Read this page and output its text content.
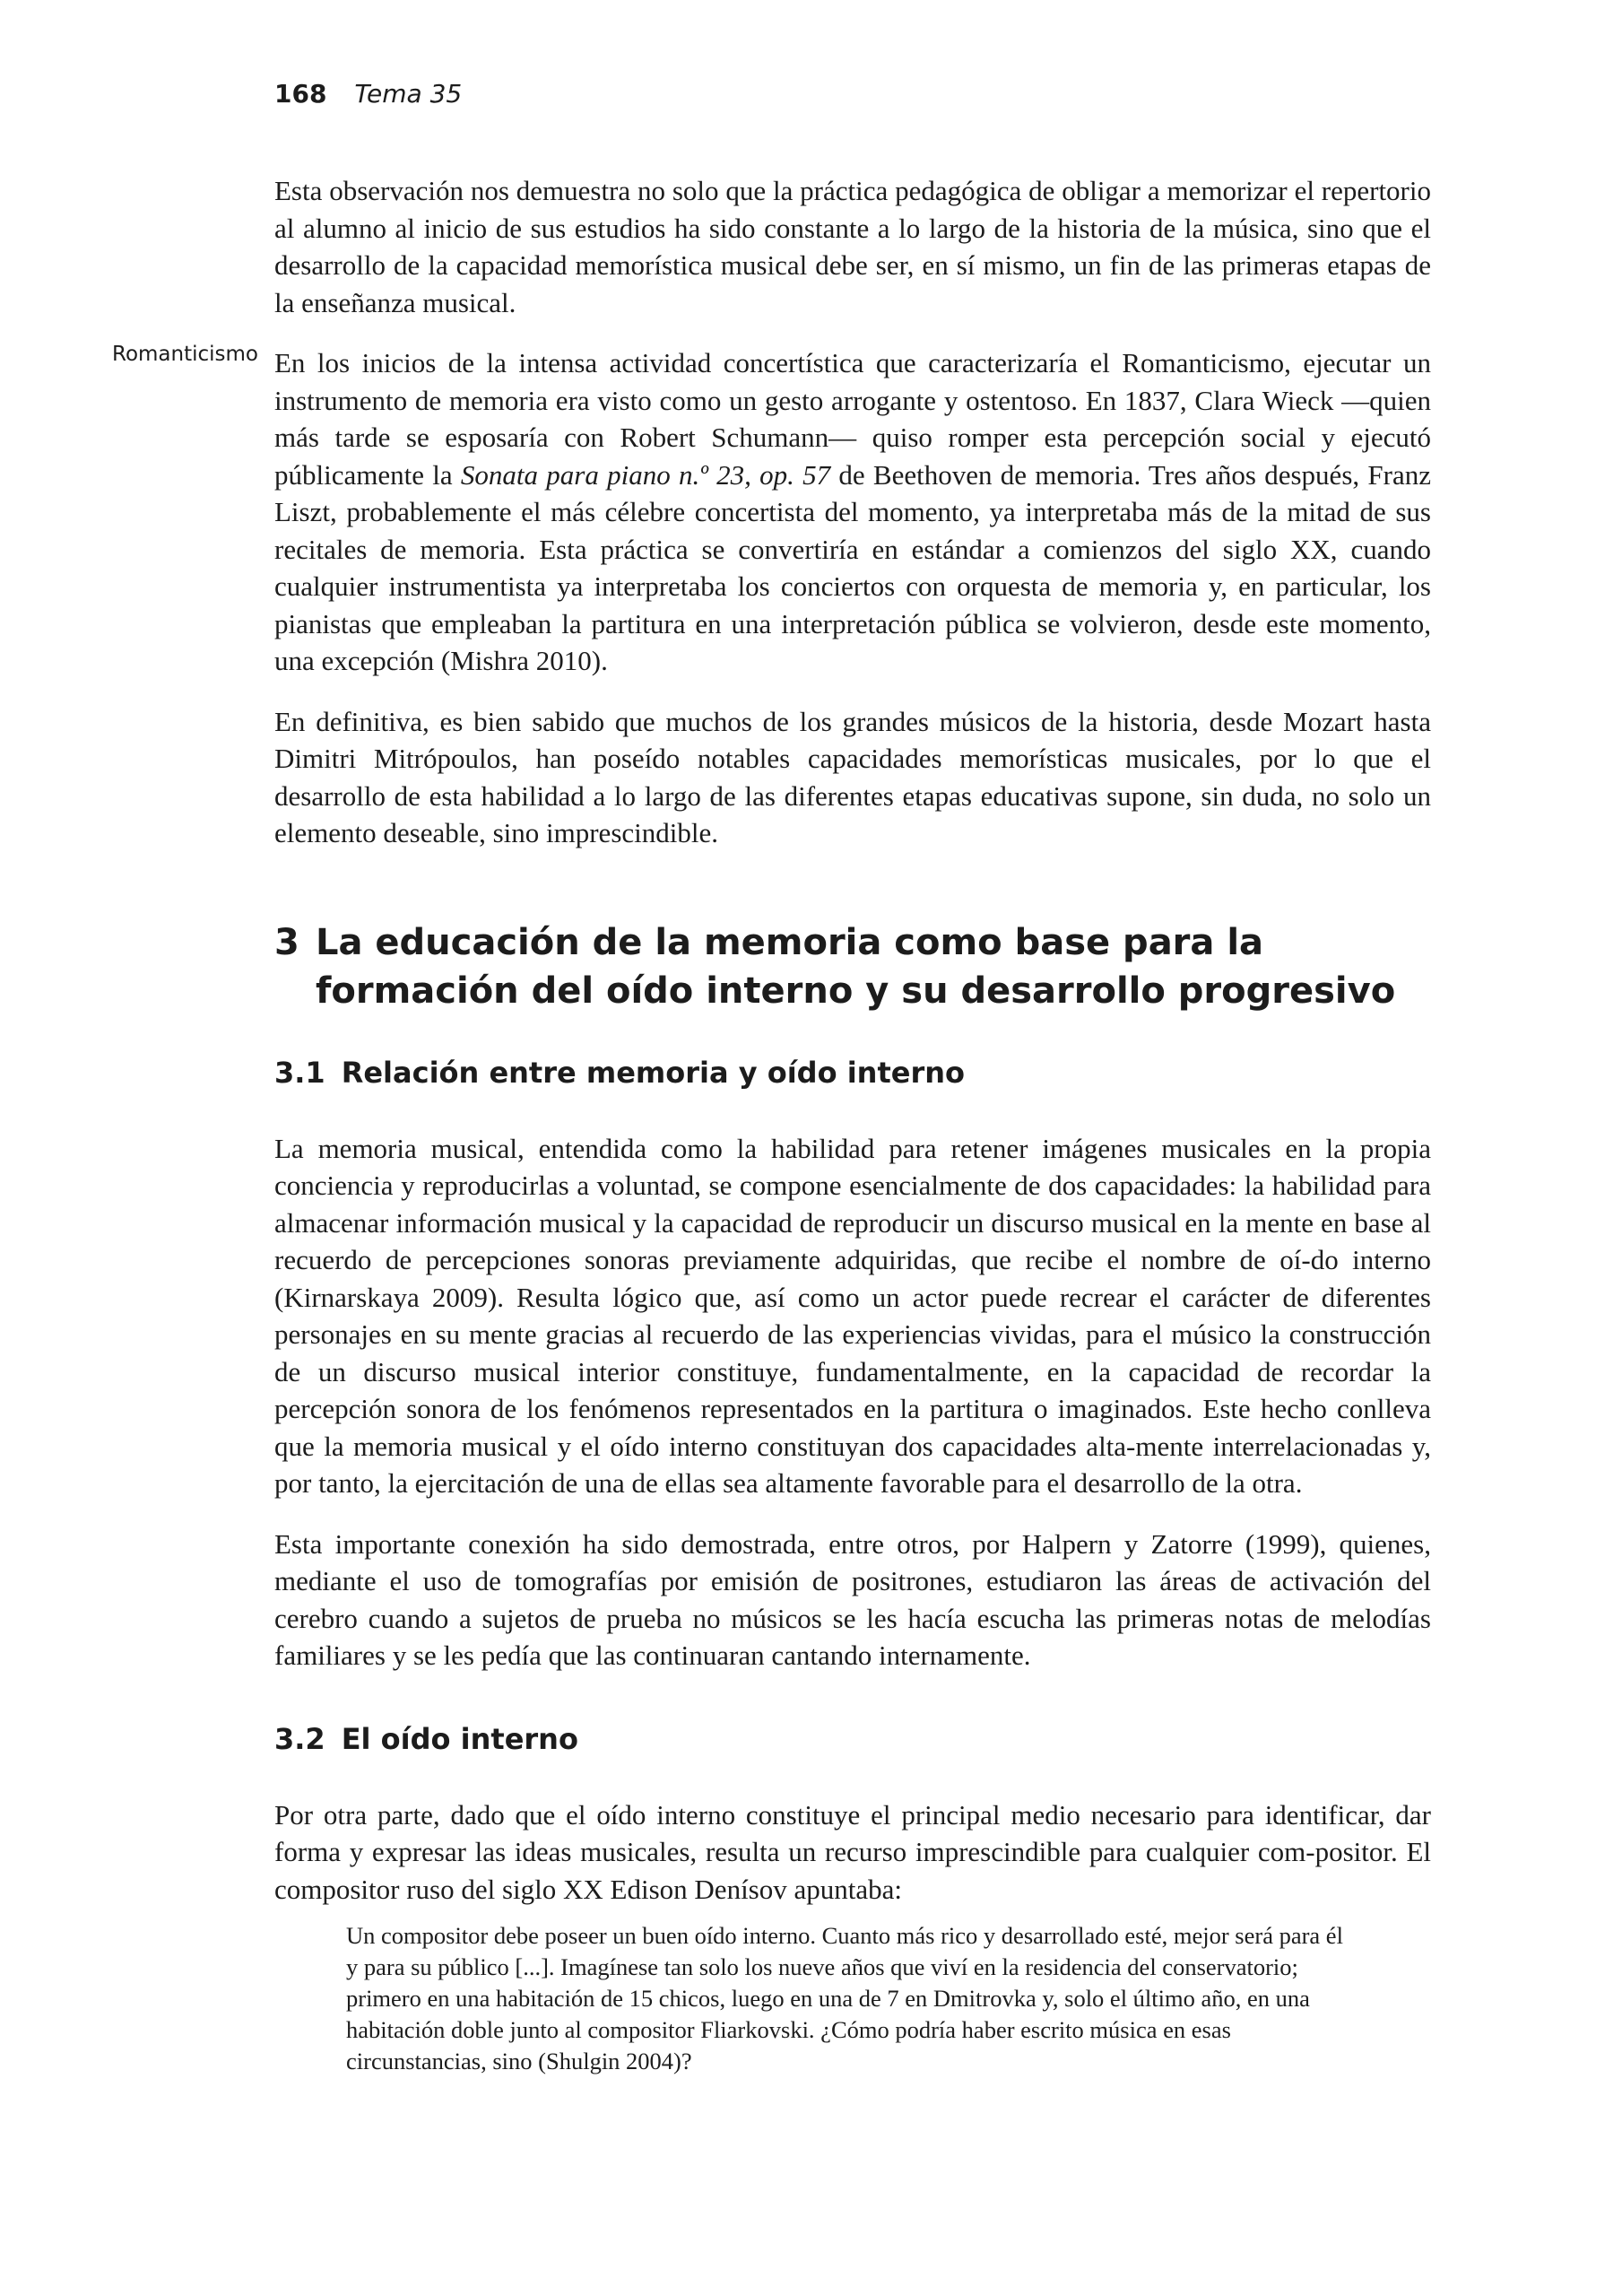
168 Tema 35
Romanticismo

Esta observación nos demuestra no solo que la práctica pedagógica de obligar a memorizar el repertorio al alumno al inicio de sus estudios ha sido constante a lo largo de la historia de la música, sino que el desarrollo de la capacidad memorística musical debe ser, en sí mismo, un fin de las primeras etapas de la enseñanza musical.

En los inicios de la intensa actividad concertística que caracterizaría el Romanticismo, ejecutar un instrumento de memoria era visto como un gesto arrogante y ostentoso. En 1837, Clara Wieck —quien más tarde se esposaría con Robert Schumann— quiso romper esta percepción social y ejecutó públicamente la Sonata para piano n.º 23, op. 57 de Beethoven de memoria. Tres años después, Franz Liszt, probablemente el más célebre concertista del momento, ya interpretaba más de la mitad de sus recitales de memoria. Esta práctica se convertiría en estándar a comienzos del siglo XX, cuando cualquier instrumentista ya interpretaba los conciertos con orquesta de memoria y, en particular, los pianistas que empleaban la partitura en una interpretación pública se volvieron, desde este momento, una excepción (Mishra 2010).

En definitiva, es bien sabido que muchos de los grandes músicos de la historia, desde Mozart hasta Dimitri Mitrópoulos, han poseído notables capacidades memorísticas musicales, por lo que el desarrollo de esta habilidad a lo largo de las diferentes etapas educativas supone, sin duda, no solo un elemento deseable, sino imprescindible.

3 La educación de la memoria como base para la formación del oído interno y su desarrollo progresivo
3.1 Relación entre memoria y oído interno

La memoria musical, entendida como la habilidad para retener imágenes musicales en la propia conciencia y reproducirlas a voluntad, se compone esencialmente de dos capacidades: la habilidad para almacenar información musical y la capacidad de reproducir un discurso musical en la mente en base al recuerdo de percepciones sonoras previamente adquiridas, que recibe el nombre de oí-do interno (Kirnarskaya 2009). Resulta lógico que, así como un actor puede recrear el carácter de diferentes personajes en su mente gracias al recuerdo de las experiencias vividas, para el músico la construcción de un discurso musical interior constituye, fundamentalmente, en la capacidad de recordar la percepción sonora de los fenómenos representados en la partitura o imaginados. Este hecho conlleva que la memoria musical y el oído interno constituyan dos capacidades alta-mente interrelacionadas y, por tanto, la ejercitación de una de ellas sea altamente favorable para el desarrollo de la otra.

Esta importante conexión ha sido demostrada, entre otros, por Halpern y Zatorre (1999), quienes, mediante el uso de tomografías por emisión de positrones, estudiaron las áreas de activación del cerebro cuando a sujetos de prueba no músicos se les hacía escucha las primeras notas de melodías familiares y se les pedía que las continuaran cantando internamente.

3.2 El oído interno

Por otra parte, dado que el oído interno constituye el principal medio necesario para identificar, dar forma y expresar las ideas musicales, resulta un recurso imprescindible para cualquier com-positor. El compositor ruso del siglo XX Edison Denísov apuntaba:

Un compositor debe poseer un buen oído interno. Cuanto más rico y desarrollado esté, mejor será para él y para su público [...]. Imagínese tan solo los nueve años que viví en la residencia del conservatorio; primero en una habitación de 15 chicos, luego en una de 7 en Dmitrovka y, solo el último año, en una habitación doble junto al compositor Fliarkovski. ¿Cómo podría haber escrito música en esas circunstancias, sino (Shulgin 2004)?
